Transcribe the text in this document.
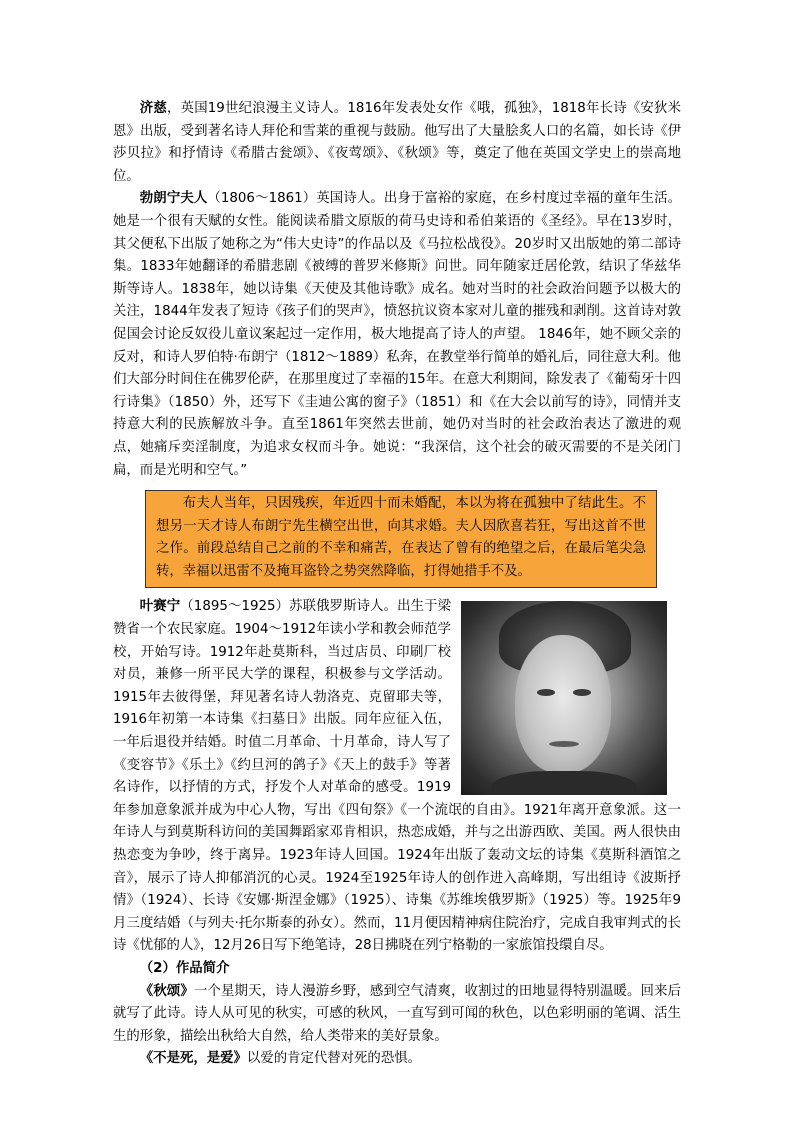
济慈，英国19世纪浪漫主义诗人。1816年发表处女作《哦，孤独》，1818年长诗《安狄米恩》出版，受到著名诗人拜伦和雪莱的重视与鼓励。他写出了大量脍炙人口的名篇，如长诗《伊莎贝拉》和抒情诗《希腊古瓮颂》、《夜莺颂》、《秋颂》等，奠定了他在英国文学史上的崇高地位。

勃朗宁夫人（1806～1861）英国诗人。出身于富裕的家庭，在乡村度过幸福的童年生活。她是一个很有天赋的女性。能阅读希腊文原版的荷马史诗和希伯莱语的《圣经》。早在13岁时，其父便私下出版了她称之为“伟大史诗”的作品以及《马拉松战役》。20岁时又出版她的第二部诗集。1833年她翻译的希腊悲剧《被缚的普罗米修斯》问世。同年随家迁居伦敦，结识了华兹华斯等诗人。1838年，她以诗集《天使及其他诗歌》成名。她对当时的社会政治问题予以极大的关注，1844年发表了短诗《孩子们的哭声》，愤怒抗议资本家对儿童的摧残和剥削。这首诗对敦促国会讨论反奴役儿童议案起过一定作用，极大地提高了诗人的声望。 1846年，她不顾父亲的反对，和诗人罗伯特·布朗宁（1812～1889）私奔，在教堂举行简单的婚礼后，同往意大利。他们大部分时间住在佛罗伦萨，在那里度过了幸福的15年。在意大利期间，除发表了《葡萄牙十四行诗集》（1850）外，还写下《圭迪公寓的窗子》（1851）和《在大会以前写的诗》，同情并支持意大利的民族解放斗争。直至1861年突然去世前，她仍对当时的社会政治表达了激进的观点，她痛斥奕淫制度，为追求女权而斗争。她说：“我深信，这个社会的破灭需要的不是关闭门扁，而是光明和空气。”

布夫人当年，只因残疾，年近四十而未婚配，本以为将在孤独中了结此生。不想另一天才诗人布朗宁先生横空出世，向其求婚。夫人因欣喜若狂，写出这首不世之作。前段总结自己之前的不幸和痛苦，在表达了曾有的绝望之后，在最后笔尖急转，幸福以迅雷不及掩耳盗铃之势突然降临，打得她措手不及。

叶赛宁
（1895～1925）苏联俄罗斯诗人。出生于梁赞省一个农民家庭。1904～1912年读小学和教会师范学校，开始写诗。1912年赴莫斯科，当过店员、印刷厂校对员，兼修一所平民大学的课程，积极参与文学活动。1915年去彼得堡，拜见著名诗人勃洛克、克留耶夫等，1916年初第一本诗集《扫墓日》出版。同年应征入伍，一年后退役并结婚。时值二月革命、十月革命，诗人写了《变容节》《乐土》《约旦河的鸽子》《天上的鼓手》等著名诗作，以抒情的方式，抒发个人对革命的感受。1919年参加意象派并成为中心人物，写出《四旬祭》《一个流氓的自由》。1921年离开意象派。这一年诗人与到莫斯科访问的美国舞蹈家邓肯相识，热恋成婚，并与之出游西欧、美国。两人很快由热恋变为争吵，终于离异。1923年诗人回国。1924年出版了轰动文坛的诗集《莫斯科酒馆之音》，展示了诗人抑郁消沉的心灵。1924至1925年诗人的创作进入高峰期，写出组诗《波斯抒情》（1924）、长诗《安娜·斯涅金娜》（1925）、诗集《苏维埃俄罗斯》（1925）等。1925年9月三度结婚（与列夫·托尔斯泰的孙女）。然而，11月便因精神病住院治疗，完成自我审判式的长诗《忧郁的人》，12月26日写下绝笔诗，28日拂晓在列宁格勒的一家旅馆投缳自尽。

（2）作品简介

《秋颂》一个星期天，诗人漫游乡野，感到空气清爽，收割过的田地显得特别温暖。回来后就写了此诗。诗人从可见的秋实，可感的秋风，一直写到可闻的秋色，以色彩明丽的笔调、活生生的形象，描绘出秋给大自然，给人类带来的美好景象。

《不是死，是爱》以爱的肯定代替对死的恐惧。
